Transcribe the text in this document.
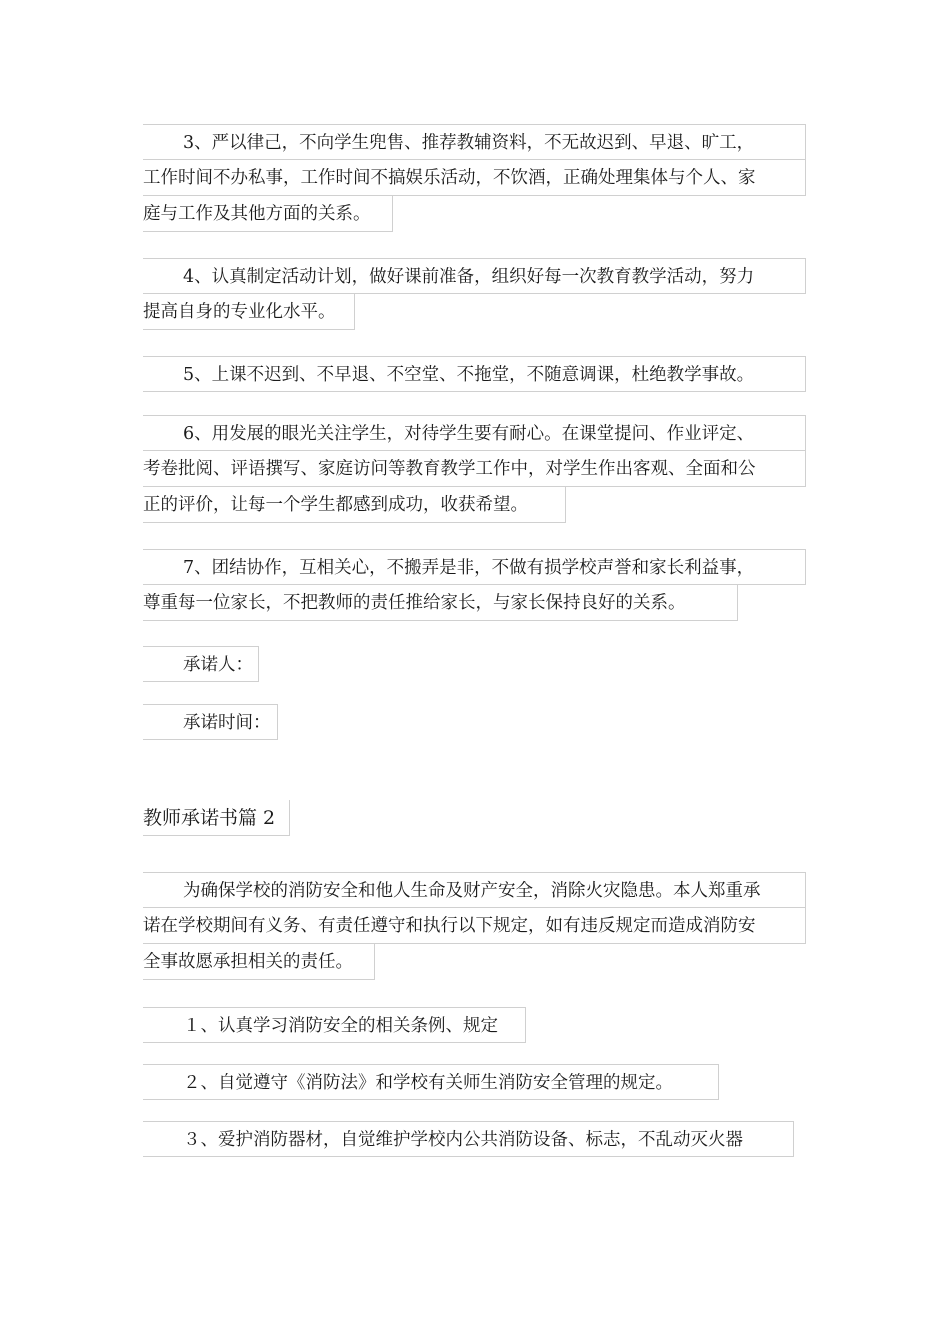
3、严以律己，不向学生兜售、推荐教辅资料，不无故迟到、早退、旷工，
工作时间不办私事，工作时间不搞娱乐活动，不饮酒，正确处理集体与个人、家
庭与工作及其他方面的关系。
4、认真制定活动计划，做好课前准备，组织好每一次教育教学活动，努力
提高自身的专业化水平。
5、上课不迟到、不早退、不空堂、不拖堂，不随意调课，杜绝教学事故。
6、用发展的眼光关注学生，对待学生要有耐心。在课堂提问、作业评定、
考卷批阅、评语撰写、家庭访问等教育教学工作中，对学生作出客观、全面和公
正的评价，让每一个学生都感到成功，收获希望。
7、团结协作，互相关心，不搬弄是非，不做有损学校声誉和家长利益事，
尊重每一位家长，不把教师的责任推给家长，与家长保持良好的关系。
承诺人：
承诺时间：
教师承诺书篇 2
为确保学校的消防安全和他人生命及财产安全，消除火灾隐患。本人郑重承
诺在学校期间有义务、有责任遵守和执行以下规定，如有违反规定而造成消防安
全事故愿承担相关的责任。
１、认真学习消防安全的相关条例、规定
２、自觉遵守《消防法》和学校有关师生消防安全管理的规定。
３、爱护消防器材，自觉维护学校内公共消防设备、标志，不乱动灭火器
